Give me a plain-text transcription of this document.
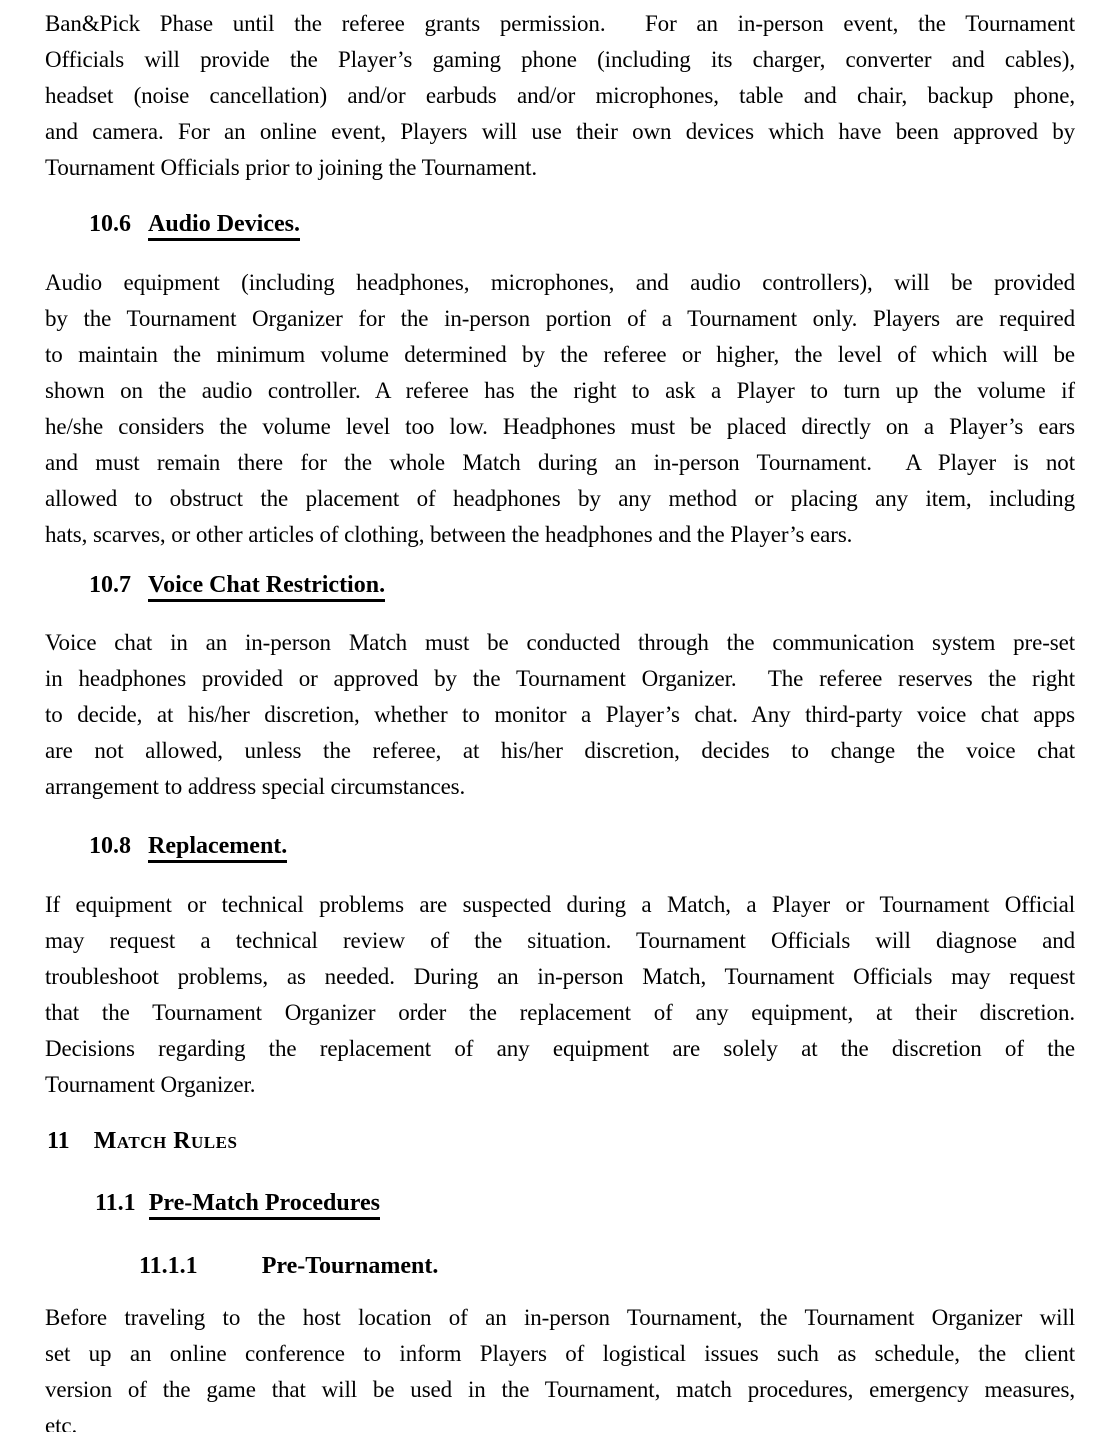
Ban&Pick Phase until the referee grants permission.  For an in-person event, the Tournament
Officials will provide the Player’s gaming phone (including its charger, converter and cables),
headset (noise cancellation) and/or earbuds and/or microphones, table and chair, backup phone,
and camera. For an online event, Players will use their own devices which have been approved by
Tournament Officials prior to joining the Tournament.
10.6 Audio Devices.
Audio equipment (including headphones, microphones, and audio controllers), will be provided
by the Tournament Organizer for the in-person portion of a Tournament only. Players are required
to maintain the minimum volume determined by the referee or higher, the level of which will be
shown on the audio controller. A referee has the right to ask a Player to turn up the volume if
he/she considers the volume level too low. Headphones must be placed directly on a Player’s ears
and must remain there for the whole Match during an in-person Tournament.  A Player is not
allowed to obstruct the placement of headphones by any method or placing any item, including
hats, scarves, or other articles of clothing, between the headphones and the Player’s ears.
10.7 Voice Chat Restriction.
Voice chat in an in-person Match must be conducted through the communication system pre-set
in headphones provided or approved by the Tournament Organizer.  The referee reserves the right
to decide, at his/her discretion, whether to monitor a Player’s chat. Any third-party voice chat apps
are not allowed, unless the referee, at his/her discretion, decides to change the voice chat
arrangement to address special circumstances.
10.8 Replacement.
If equipment or technical problems are suspected during a Match, a Player or Tournament Official
may request a technical review of the situation. Tournament Officials will diagnose and
troubleshoot problems, as needed. During an in-person Match, Tournament Officials may request
that the Tournament Organizer order the replacement of any equipment, at their discretion.
Decisions regarding the replacement of any equipment are solely at the discretion of the
Tournament Organizer.
11 Match Rules
11.1 Pre-Match Procedures
11.1.1	Pre-Tournament.
Before traveling to the host location of an in-person Tournament, the Tournament Organizer will
set up an online conference to inform Players of logistical issues such as schedule, the client
version of the game that will be used in the Tournament, match procedures, emergency measures,
etc.
